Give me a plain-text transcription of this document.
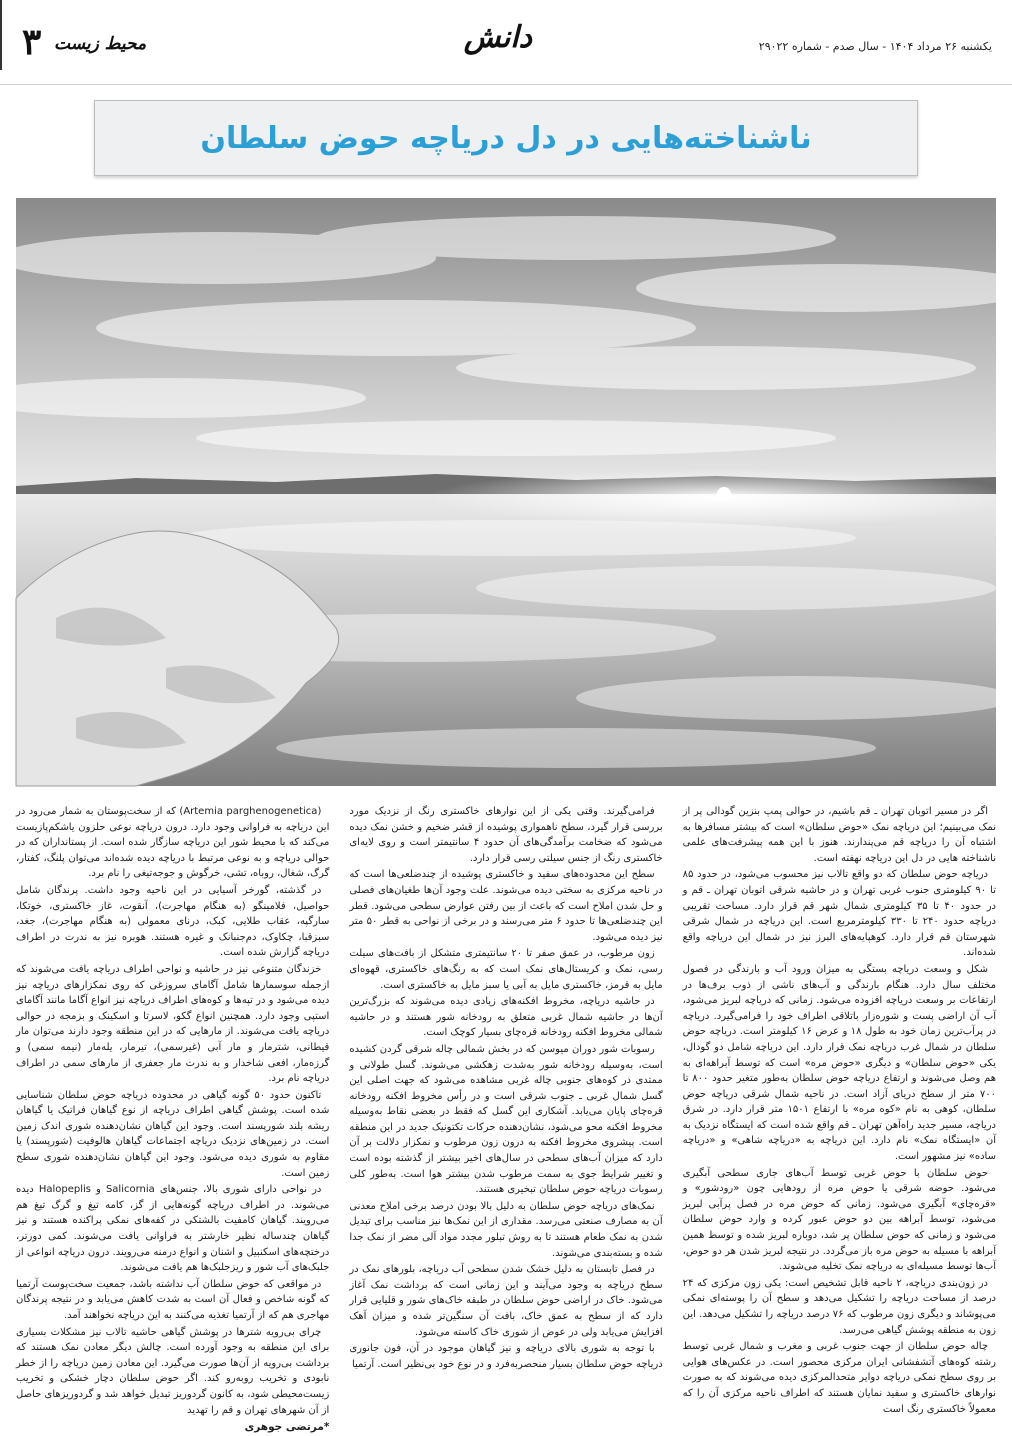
یکشنبه ۲۶ مرداد ۱۴۰۴ - سال صدم - شماره ۲۹۰۲۲
دانش
محیط زیست
۳
ناشناخته‌هایی در دل دریاچه حوض سلطان

اگر در مسیر اتوبان تهران ـ قم باشیم، در حوالی پمپ بنزین گودالی پر از نمک می‌بینیم؛ این دریاچه نمک «حوض سلطان» است که بیشتر مسافرها به اشتباه آن را دریاچه قم می‌پندارند. هنوز با این همه پیشرفت‌های علمی ناشناخته هایی در دل این دریاچه نهفته است.

دریاچه حوض سلطان که دو واقع تالاب نیز محسوب می‌شود، در حدود ۸۵ تا ۹۰ کیلومتری جنوب غربی تهران و در حاشیه شرقی اتوبان تهران ـ قم و در حدود ۴۰ تا ۳۵ کیلومتری شمال شهر قم قرار دارد. مساحت تقریبی دریاچه حدود ۲۴۰ تا ۳۳۰ کیلومترمربع است. این دریاچه در شمال شرقی شهرستان قم قرار دارد. کوهپایه‌های البرز نیز در شمال این دریاچه واقع شده‌اند.

شکل و وسعت دریاچه بستگی به میزان ورود آب و بارندگی در فصول مختلف سال دارد. هنگام بارندگی و آب‌های ناشی از ذوب برف‌ها در ارتفاعات بر وسعت دریاچه افزوده می‌شود. زمانی که دریاچه لبریز می‌شود، آب آن اراضی پست و شوره‌زار باتلاقی اطراف خود را فرامی‌گیرد. دریاچه در پرآب‌ترین زمان خود به طول ۱۸ و عرض ۱۶ کیلومتر است. دریاچه حوض سلطان در شمال غرب دریاچه نمک قرار دارد. این دریاچه شامل دو گودال، یکی «حوض سلطان» و دیگری «حوض مره» است که توسط آبراهه‌ای به هم وصل می‌شوند و ارتفاع دریاچه حوض سلطان به‌طور متغیر حدود ۸۰۰ تا ۷۰۰ متر از سطح دریای آزاد است. در ناحیه شمال شرقی دریاچه حوض سلطان، کوهی به نام «کوه مره» با ارتفاع ۱۵۰۱ متر قرار دارد. در شرق دریاچه، مسیر جدید راه‌آهن تهران ـ قم واقع شده است که ایستگاه نزدیک به آن «ایستگاه نمک» نام دارد. این دریاچه به «دریاچه شاهی» و «دریاچه ساده» نیز مشهور است.

حوض سلطان با حوض غربی توسط آب‌های جاری سطحی آبگیری می‌شود. حوضه شرقی یا حوض مره از رودهایی چون «رودشور» و «قره‌چای» آبگیری می‌شود. زمانی که حوض مره در فصل پرآبی لبریز می‌شود، توسط آبراهه بین دو حوض عبور کرده و وارد حوض سلطان می‌شود و زمانی که حوض سلطان پر شد، دوباره لبریز شده و توسط همین آبراهه با مسیله به حوض مره باز می‌گردد. در نتیجه لبریز شدن هر دو حوض، آب‌ها توسط مسیله‌ای به دریاچه نمک تخلیه می‌شوند.

در زون‌بندی دریاچه، ۲ ناحیه قابل تشخیص است: یکی زون مرکزی که ۲۴ درصد از مساحت دریاچه را تشکیل می‌دهد و سطح آن را پوسته‌ای نمکی می‌پوشاند و دیگری زون مرطوب که ۷۶ درصد دریاچه را تشکیل می‌دهد. این زون به منطقه پوشش گیاهی می‌رسد.

چاله حوض سلطان از جهت جنوب غربی و مغرب و شمال غربی توسط رشته کوه‌های آتشفشانی ایران مرکزی محصور است. در عکس‌های هوایی بر روی سطح نمکی دریاچه دوایر متحدالمرکزی دیده می‌شوند که به صورت نوارهای خاکستری و سفید نمایان هستند که اطراف ناحیه مرکزی آن را که معمولاً خاکستری رنگ است

فرامی‌گیرند. وقتی یکی از این نوارهای خاکستری رنگ از نزدیک مورد بررسی قرار گیرد، سطح ناهمواری پوشیده از قشر ضخیم و خشن نمک دیده می‌شود که ضخامت برآمدگی‌های آن حدود ۴ سانتیمتر است و روی لایه‌ای خاکستری رنگ از جنس سیلتی رسی قرار دارد.

سطح این محدوده‌های سفید و خاکستری پوشیده از چندضلعی‌ها است که در ناحیه مرکزی به سختی دیده می‌شوند. علت وجود آن‌ها طغیان‌های فصلی و حل شدن املاح است که باعث از بین رفتن عوارض سطحی می‌شود. قطر این چندضلعی‌ها تا حدود ۶ متر می‌رسند و در برخی از نواحی به قطر ۵۰ متر نیز دیده می‌شود.

زون مرطوب، در عمق صفر تا ۲۰ سانتیمتری متشکل از بافت‌های سیلت رسی، نمک و کریستال‌های نمک است که به رنگ‌های خاکستری، قهوه‌ای مایل به قرمز، خاکستری مایل به آبی یا سبز مایل به خاکستری است.

در حاشیه دریاچه، مخروط افکنه‌های زیادی دیده می‌شوند که بزرگ‌ترین آن‌ها در حاشیه شمال غربی متعلق به رودخانه شور هستند و در حاشیه شمالی مخروط افکنه رودخانه قره‌چای بسیار کوچک است.

رسوبات شور دوران میوسن که در بخش شمالی چاله شرقی گردن کشیده است، به‌وسیله رودخانه شور به‌شدت زهکشی می‌شوند. گسل طولانی و ممتدی در کوه‌های جنوبی چاله غربی مشاهده می‌شود که جهت اصلی این گسل شمال غربی ـ جنوب شرقی است و در رأس مخروط افکنه رودخانه قره‌چای پایان می‌یابد. آشکاری این گسل که فقط در بعضی نقاط به‌وسیله مخروط افکنه محو می‌شود، نشان‌دهنده حرکات تکتونیک جدید در این منطقه است. پیشروی مخروط افکنه به درون زون مرطوب و نمکزار دلالت بر آن دارد که میزان آب‌های سطحی در سال‌های اخیر بیشتر از گذشته بوده است و تغییر شرایط جوی به سمت مرطوب شدن بیشتر هوا است. به‌طور کلی رسوبات دریاچه حوض سلطان تبخیری هستند.

نمک‌های دریاچه حوض سلطان به دلیل بالا بودن درصد برخی املاح معدنی آن به مصارف صنعتی می‌رسد. مقداری از این نمک‌ها نیز مناسب برای تبدیل شدن به نمک طعام هستند تا به روش تبلور مجدد مواد آلی مضر از نمک جدا شده و بسته‌بندی می‌شوند.

در فصل تابستان به دلیل خشک شدن سطحی آب دریاچه، بلورهای نمک در سطح دریاچه به وجود می‌آیند و این زمانی است که برداشت نمک آغاز می‌شود. خاک در اراضی حوض سلطان در طبقه خاک‌های شور و قلیایی قرار دارد که از سطح به عمق خاک، بافت آن سنگین‌تر شده و میزان آهک افزایش می‌یابد ولی در عوض از شوری خاک کاسته می‌شود.

با توجه به شوری بالای دریاچه و نیز گیاهان موجود در آن، فون جانوری دریاچه حوض سلطان بسیار منحصربه‌فرد و در نوع خود بی‌نظیر است. آرتمیا

(Artemia parghenogenetica) که از سخت‌پوستان به شمار می‌رود در این دریاچه به فراوانی وجود دارد. درون دریاچه نوعی حلزون یاشکم‌پازیست می‌کند که با محیط شور این دریاچه سازگار شده است. از پستانداران که در حوالی دریاچه و به نوعی مرتبط با دریاچه دیده شده‌اند می‌توان پلنگ، کفتار، گرگ، شغال، روباه، تشی، خرگوش و جوجه‌تیغی را نام برد.

در گذشته، گورخر آسیایی در این ناحیه وجود داشت. پرندگان شامل حواصیل، فلامینگو (به هنگام مهاجرت)، آنقوت، غاز خاکستری، خوتکا، سارگپه، عقاب طلایی، کبک، درنای معمولی (به هنگام مهاجرت)، جغد، سبزقبا، چکاوک، دم‌جنبانک و غیره هستند. هوبره نیز به ندرت در اطراف دریاچه گزارش شده است.

خزندگان متنوعی نیز در حاشیه و نواحی اطراف دریاچه یافت می‌شوند که ازجمله سوسمارها شامل آگامای سروزغی که روی نمکزارهای دریاچه نیز دیده می‌شود و در تپه‌ها و کوه‌های اطراف دریاچه نیز انواع آگاما مانند آگامای استپی وجود دارد. همچنین انواع گکو، لاسرتا و اسکینک و بزمجه در حوالی دریاچه یافت می‌شوند. از مارهایی که در این منطقه وجود دارند می‌توان مار قیطانی، شترمار و مار آبی (غیرسمی)، تیرمار، یله‌مار (نیمه سمی) و گرزه‌مار، افعی شاخدار و به ندرت مار جعفری از مارهای سمی در اطراف دریاچه نام برد.

تاکنون حدود ۵۰ گونه گیاهی در محدوده دریاچه حوض سلطان شناسایی شده است. پوشش گیاهی اطراف دریاچه از نوع گیاهان فراتیک یا گیاهان ریشه بلند شورپسند است. وجود این گیاهان نشان‌دهنده شوری اندک زمین است. در زمین‌های نزدیک دریاچه اجتماعات گیاهان هالوفیت (شورپسند) یا مقاوم به شوری دیده می‌شود. وجود این گیاهان نشان‌دهنده شوری سطح زمین است.

در نواحی دارای شوری بالا، جنس‌های Salicornia و Halopeplis دیده می‌شوند. در اطراف دریاچه گونه‌هایی از گز، کامه تیغ و گرگ تیغ هم می‌رویند. گیاهان کامفیت بالشتکی در کفه‌های نمکی پراکنده هستند و نیز گیاهان چندساله نظیر خارشتر به فراوانی یافت می‌شوند. کمی دورتر، درختچه‌های اسکنبیل و اشنان و انواع درمنه می‌رویند. درون دریاچه انواعی از جلبک‌های آب شور و ریزجلبک‌ها هم یافت می‌شوند.

در مواقعی که حوض سلطان آب نداشته باشد، جمعیت سخت‌پوست آرتمیا که گونه شاخص و فعال آن است به شدت کاهش می‌یابد و در نتیجه پرندگان مهاجری هم که از آرتمیا تغذیه می‌کنند به این دریاچه نخواهند آمد.

چرای بی‌رویه شترها در پوشش گیاهی حاشیه تالاب نیز مشکلات بسیاری برای این منطقه به وجود آورده است. چالش دیگر معادن نمک هستند که برداشت بی‌رویه از آن‌ها صورت می‌گیرد. این معادن زمین دریاچه را از خطر نابودی و تخریب روبه‌رو کند. اگر حوض سلطان دچار خشکی و تخریب زیست‌محیطی شود، به کانون گردوریز تبدیل خواهد شد و گردوریزهای حاصل از آن شهرهای تهران و قم را تهدید

*مرتضی جوهری
